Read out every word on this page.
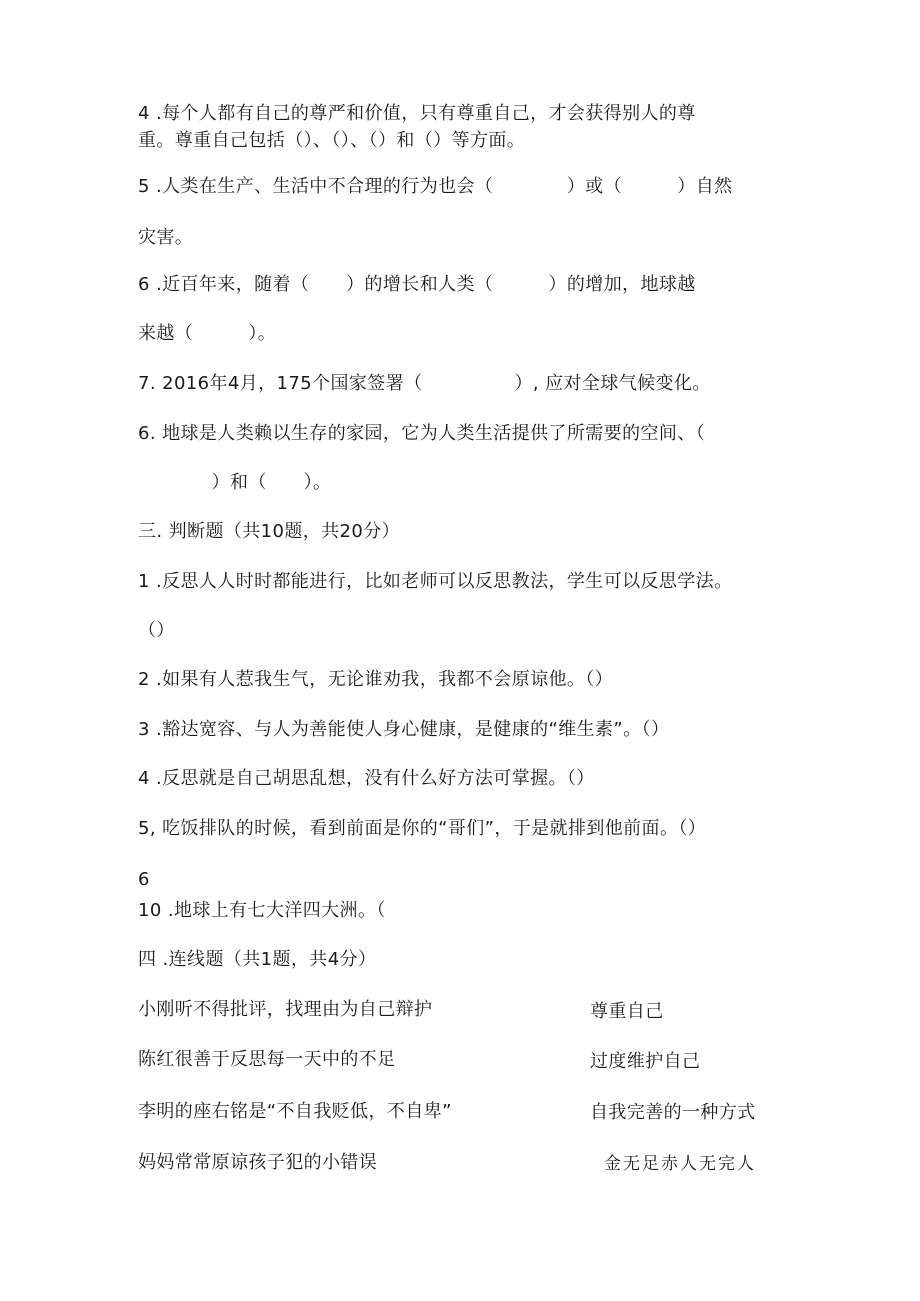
4 .每个人都有自己的尊严和价值，只有尊重自己，才会获得别人的尊
重。尊重自己包括（）、（）、（）和（）等方面。
5 .人类在生产、生活中不合理的行为也会（　　　　）或（　　　）自然
灾害。
6 .近百年来，随着（　　）的增长和人类（　　　）的增加，地球越
来越（　　　）。
7. 2016年4月，175个国家签署（　　　　　）, 应对全球气候变化。
6. 地球是人类赖以生存的家园，它为人类生活提供了所需要的空间、（
　　　　）和（　　）。
三. 判断题（共10题，共20分）
1 .反思人人时时都能进行，比如老师可以反思教法，学生可以反思学法。
（）
2 .如果有人惹我生气，无论谁劝我，我都不会原谅他。（）
3 .豁达宽容、与人为善能使人身心健康，是健康的“维生素”。（）
4 .反思就是自己胡思乱想，没有什么好方法可掌握。（）
5, 吃饭排队的时候，看到前面是你的“哥们”，于是就排到他前面。（）
6
10 .地球上有七大洋四大洲。（
四 .连线题（共1题，共4分）
小刚听不得批评，找理由为自己辩护
陈红很善于反思每一天中的不足
李明的座右铭是“不自我贬低，不自卑”
妈妈常常原谅孩子犯的小错误
尊重自己
过度维护自己
自我完善的一种方式
金无足赤人无完人
